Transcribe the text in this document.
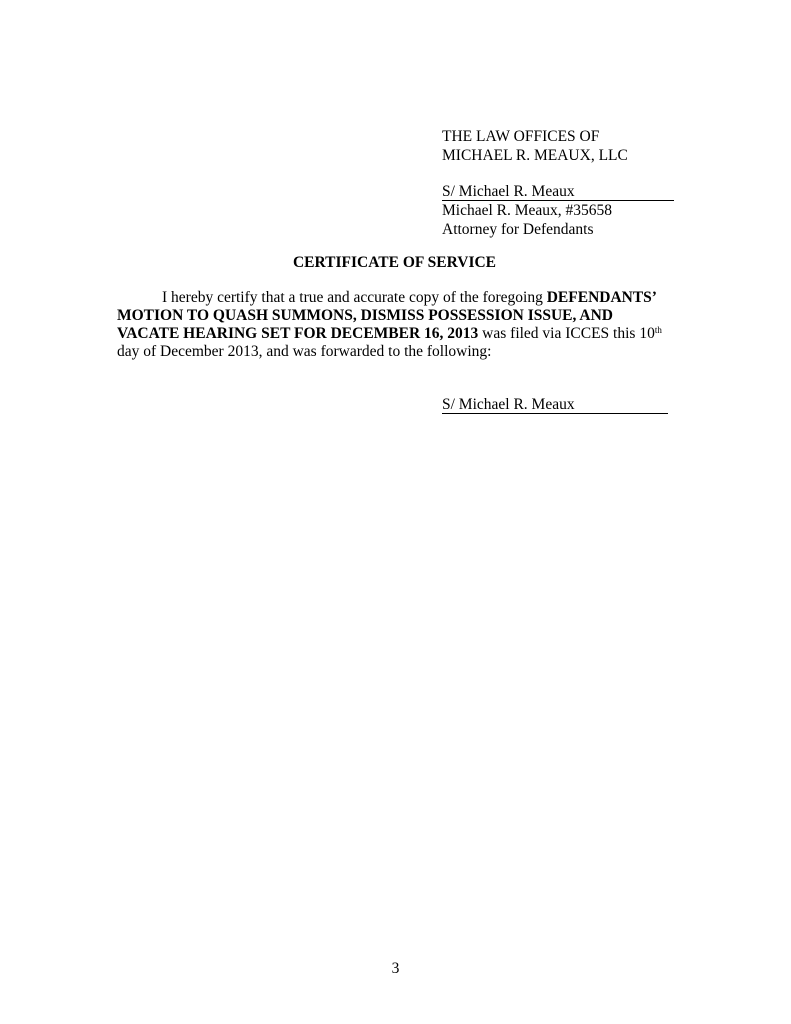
THE LAW OFFICES OF
MICHAEL R. MEAUX, LLC
S/ Michael R. Meaux
Michael R. Meaux, #35658
Attorney for Defendants
CERTIFICATE OF SERVICE
I hereby certify that a true and accurate copy of the foregoing DEFENDANTS’ MOTION TO QUASH SUMMONS, DISMISS POSSESSION ISSUE, AND VACATE HEARING SET FOR DECEMBER 16, 2013 was filed via ICCES this 10th day of December 2013, and was forwarded to the following:
S/ Michael R. Meaux
3
